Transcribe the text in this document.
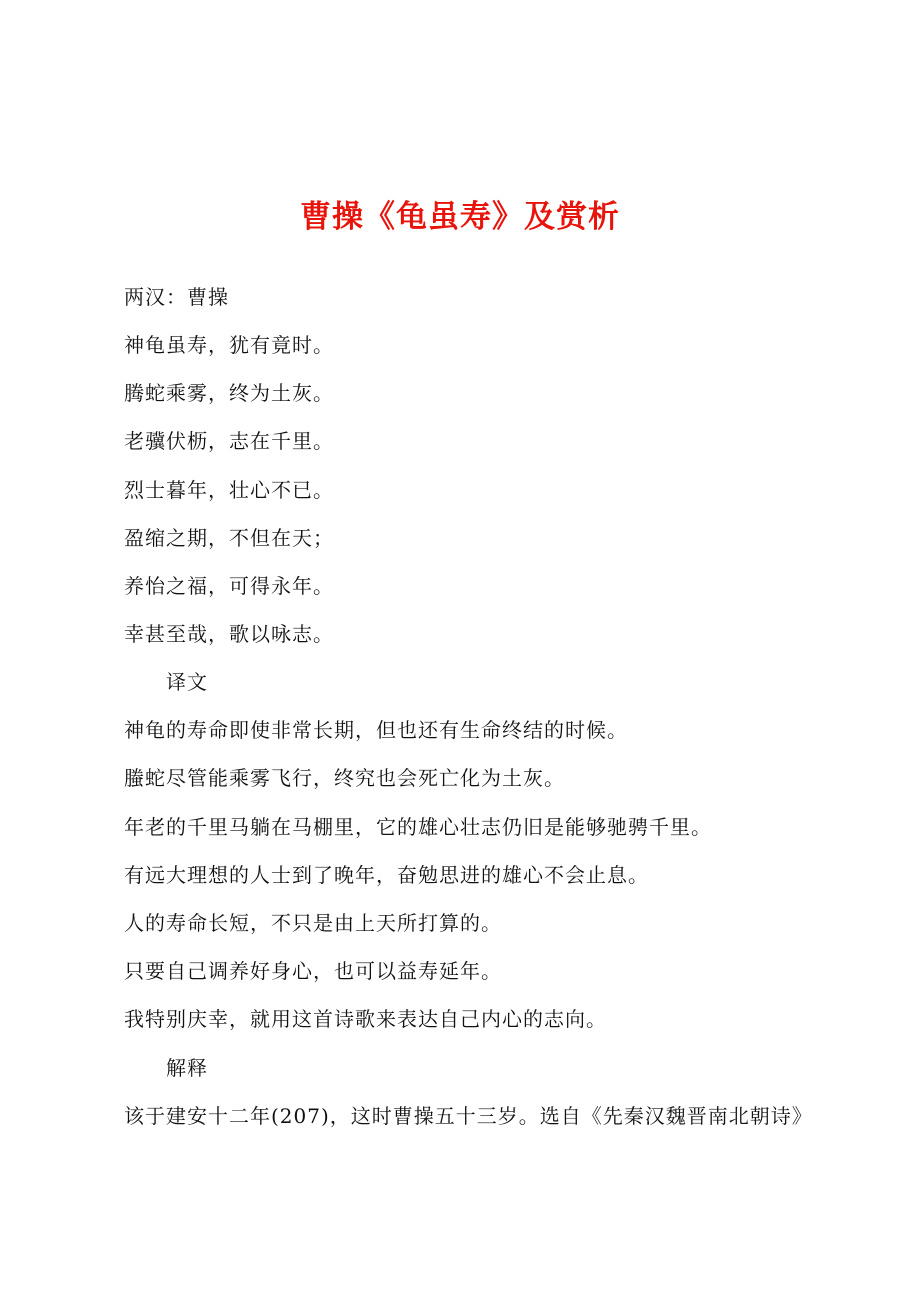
曹操《龟虽寿》及赏析
两汉：曹操
神龟虽寿，犹有竟时。
腾蛇乘雾，终为土灰。
老骥伏枥，志在千里。
烈士暮年，壮心不已。
盈缩之期，不但在天；
养怡之福，可得永年。
幸甚至哉，歌以咏志。
译文
神龟的寿命即使非常长期，但也还有生命终结的时候。
螣蛇尽管能乘雾飞行，终究也会死亡化为土灰。
年老的千里马躺在马棚里，它的雄心壮志仍旧是能够驰骋千里。
有远大理想的人士到了晚年，奋勉思进的雄心不会止息。
人的寿命长短，不只是由上天所打算的。
只要自己调养好身心，也可以益寿延年。
我特别庆幸，就用这首诗歌来表达自己内心的志向。
解释
该于建安十二年(207)，这时曹操五十三岁。选自《先秦汉魏晋南北朝诗》
